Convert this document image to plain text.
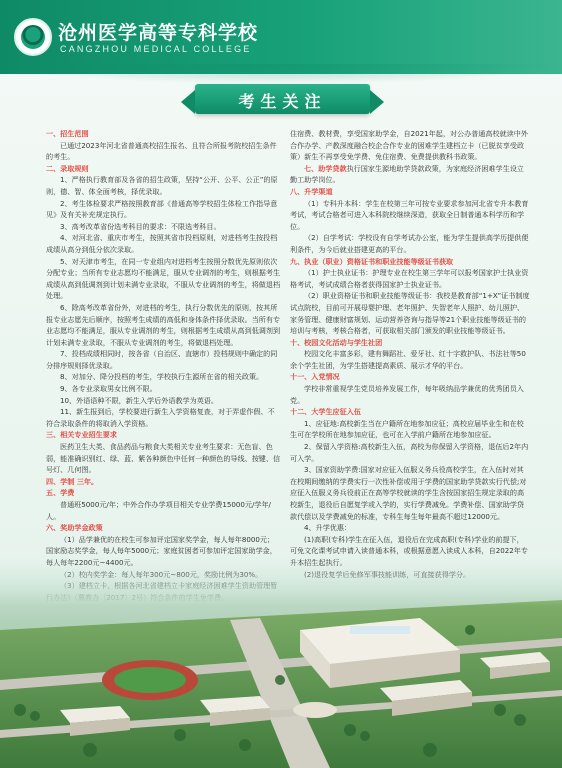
沧州医学高等专科学校
CANGZHOU MEDICAL COLLEGE
考生关注
一、招生范围

已通过2023年河北省普通高校招生报名、且符合所报考院校招生条件的考生。

二、录取规则

1、严格执行教育部及各省的招生政策，坚持“公开、公平、公正”的原则，德、智、体全面考核，择优录取。

2、考生体检要求严格按照教育部《普通高等学校招生体检工作指导意见》及有关补充规定执行。

3、高考改革省份选考科目的要求：不限选考科目。

4、对河北省、重庆市考生，按照其省市投档原则，对进档考生按投档成绩从高分到低分依次录取。

5、对天津市考生，在同一专业组内对进档考生按照分数优先原则依次分配专业；当所有专业志愿均不能满足，服从专业调剂的考生，则根据考生成绩从高到低调剂到计划未满专业录取，不服从专业调剂的考生，将做退档处理。

6、除高考改革省份外，对进档的考生，执行分数优先的原则，按其所报专业志愿先后顺序，按照考生成绩的高低和身体条件择优录取。当所有专业志愿均不能满足，服从专业调剂的考生，则根据考生成绩从高到低调剂到计划未满专业录取，不服从专业调剂的考生，将做退档处理。

7、投档成绩相同时，按各省（自治区、直辖市）投档规则中确定的同分排序规则择优录取。

8、对加分、降分投档的考生，学校执行生源所在省的相关政策。

9、各专业录取男女比例不限。

10、外语语种不限，新生入学后外语教学为英语。

11、新生报到后，学校要进行新生入学资格复查，对于弄虚作假、不符合录取条件的将取消入学资格。

三、相关专业招生要求

医药卫生大类、食品药品与粮食大类相关专业考生要求：无色盲、色弱，能准确识别红、绿、蓝、紫各种颜色中任何一种颜色的导线、按键、信号灯、几何图。

四、学制 三年。
五、学费

普通班5000元/年；中外合作办学项目相关专业学费15000元/学年/人。

六、奖助学金政策

（1）品学兼优的在校生可参加评定国家奖学金，每人每年8000元；国家励志奖学金，每人每年5000元；家庭贫困者可参加评定国家助学金，

住宿费、教材费，享受国家助学金，自2021年起，对公办普通高校就读中外合作办学、产教深度融合校企合作专业的困难学生建档立卡（已脱贫享受政策）新生不再享受免学费、免住宿费、免费提供教科书政策。

七、助学贷款执行国家生源地助学贷款政策，为家庭经济困难学生设立勤工助学岗位。

八、升学渠道

（1）专科升本科：学生在校第三年可按专业要求参加河北省专升本教育考试，考试合格者可进入本科院校继续深造，获取全日制普通本科学历和学位。

（2）自学考试：学校设有自学考试办公室，能为学生提供高学历提供便利条件，为今后就业搭建更高的平台。

九、执业（职业）资格证书和职业技能等级证书获取

（1）护士执业证书：护理专业在校生第三学年可以报考国家护士执业资格考试，考试成绩合格者获得国家护士执业证书。

（2）职业资格证书和职业技能等级证书：我校是教育部“1+X”证书制度试点院校，目前可开展母婴护理、老年照护、失智老年人照护、幼儿照护、家务管理、健康财富规划、运动营养咨询与指导等21个职业技能等级证书的培训与考核，考核合格者，可获取相关部门颁发的职业技能等级证书。

十、校园文化活动与学生社团

校园文化丰富多彩，建有舞蹈社、爱牙社、红十字救护队、书法社等50余个学生社团，为学生搭建提高素质、展示才华的平台。

十一、入党情况

学校非常重视学生党员培养发展工作，每年吸纳品学兼优的优秀团员入党。

十二、大学生应征入伍

1、应征地:高校新生当在户籍所在地参加应征；高校应届毕业生和在校生可在学校所在地参加应征，也可在入学前户籍所在地参加应征。

2、保留入学资格:高校新生入伍，高校为你保留入学资格，退伍后2年内可入学。

3、国家资助学费:国家对应征入伍服义务兵役高校学生，在入伍时对其在校期间缴纳的学费实行一次性补偿或用于学费的国家助学贷款实行代偿;对应征入伍服义务兵役前正在高等学校就读的学生含按国家招生规定录取的高校新生，退役后自愿复学或入学的，实行学费减免。学费补偿、国家助学贷款代偿以及学费减免的标准，专科生每生每年最高不超过12000元。

4、升学优惠：

(1)高职(专科)学生在征入伍，退役后在完成高职(专科)学业的前提下，可免文化课考试申请入读普通本科，或根据意愿入读成人本科，自2022年专
